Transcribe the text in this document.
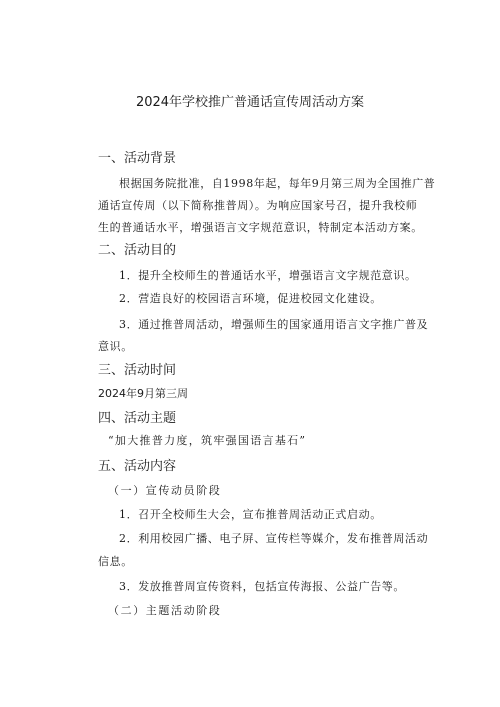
2024年学校推广普通话宣传周活动方案
一、活动背景
根据国务院批准，自1998年起，每年9月第三周为全国推广普
通话宣传周（以下简称推普周）。为响应国家号召，提升我校师
生的普通话水平，增强语言文字规范意识，特制定本活动方案。
二、活动目的
1．提升全校师生的普通话水平，增强语言文字规范意识。
2．营造良好的校园语言环境，促进校园文化建设。
3．通过推普周活动，增强师生的国家通用语言文字推广普及
意识。
三、活动时间
2024年9月第三周
四、活动主题
“加大推普力度，筑牢强国语言基石”
五、活动内容
（一）宣传动员阶段
1．召开全校师生大会，宣布推普周活动正式启动。
2．利用校园广播、电子屏、宣传栏等媒介，发布推普周活动
信息。
3．发放推普周宣传资料，包括宣传海报、公益广告等。
（二）主题活动阶段
